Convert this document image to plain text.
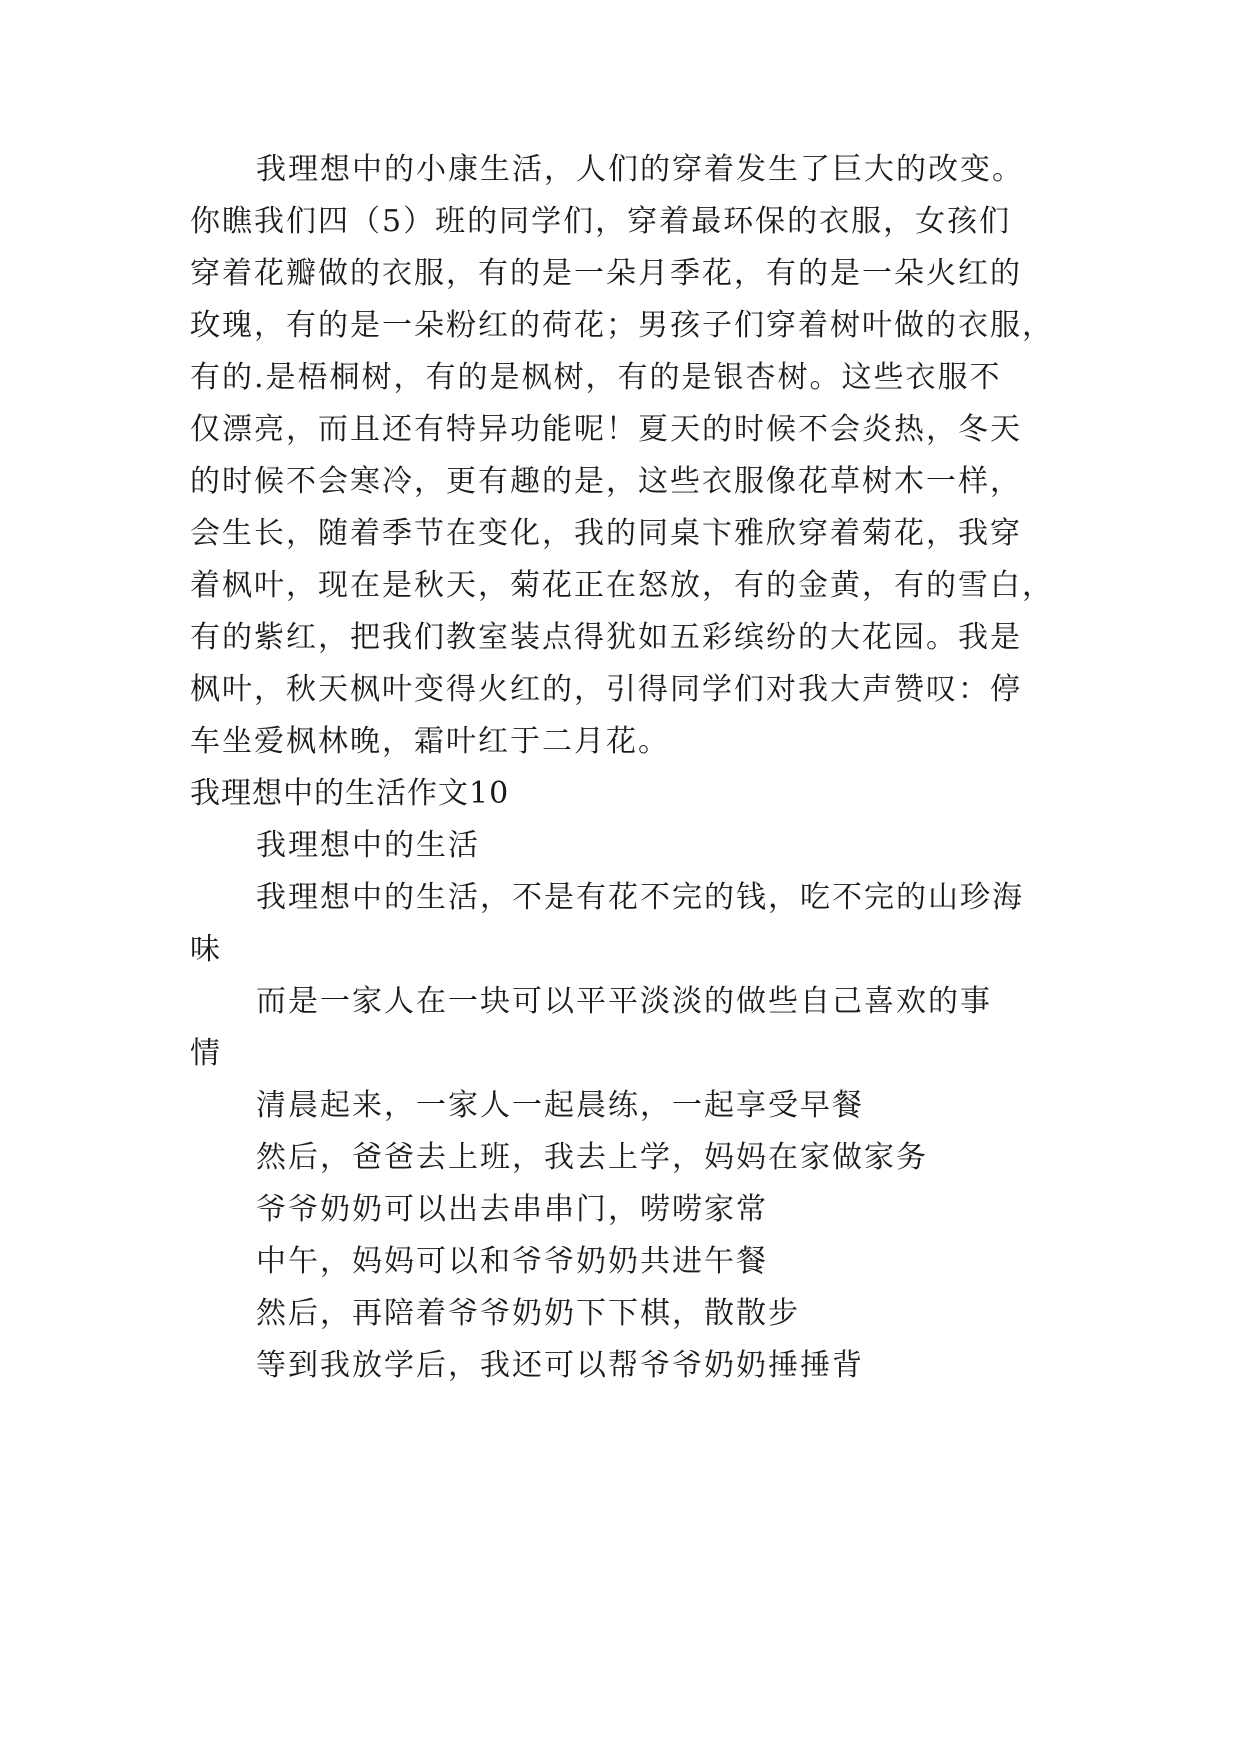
我理想中的小康生活，人们的穿着发生了巨大的改变。
你瞧我们四（5）班的同学们，穿着最环保的衣服，女孩们
穿着花瓣做的衣服，有的是一朵月季花，有的是一朵火红的
玫瑰，有的是一朵粉红的荷花；男孩子们穿着树叶做的衣服，
有的.是梧桐树，有的是枫树，有的是银杏树。这些衣服不
仅漂亮，而且还有特异功能呢！夏天的时候不会炎热，冬天
的时候不会寒冷，更有趣的是，这些衣服像花草树木一样，
会生长，随着季节在变化，我的同桌卞雅欣穿着菊花，我穿
着枫叶，现在是秋天，菊花正在怒放，有的金黄，有的雪白，
有的紫红，把我们教室装点得犹如五彩缤纷的大花园。我是
枫叶，秋天枫叶变得火红的，引得同学们对我大声赞叹：停
车坐爱枫林晚，霜叶红于二月花。
我理想中的生活作文10
我理想中的生活
我理想中的生活，不是有花不完的钱，吃不完的山珍海
味
而是一家人在一块可以平平淡淡的做些自己喜欢的事
情
清晨起来，一家人一起晨练，一起享受早餐
然后，爸爸去上班，我去上学，妈妈在家做家务
爷爷奶奶可以出去串串门，唠唠家常
中午，妈妈可以和爷爷奶奶共进午餐
然后，再陪着爷爷奶奶下下棋，散散步
等到我放学后，我还可以帮爷爷奶奶捶捶背
